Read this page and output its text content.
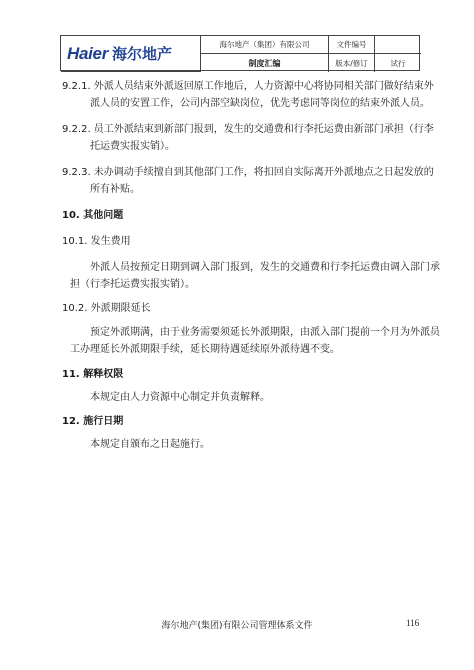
Haier 海尔地产
海尔地产（集团）有限公司
制度汇编
文件编号
版本/修订	试行
9.2.1. 外派人员结束外派返回原工作地后，人力资源中心将协同相关部门做好结束外
派人员的安置工作，公司内部空缺岗位，优先考虑同等岗位的结束外派人员。
9.2.2. 员工外派结束到新部门报到，发生的交通费和行李托运费由新部门承担（行李
托运费实报实销）。
9.2.3. 未办调动手续擅自到其他部门工作，将扣回自实际离开外派地点之日起发放的
所有补贴。
10. 其他问题
10.1. 发生费用
外派人员按预定日期到调入部门报到，发生的交通费和行李托运费由调入部门承
担（行李托运费实报实销）。
10.2. 外派期限延长
预定外派期满，由于业务需要须延长外派期限，由派入部门提前一个月为外派员
工办理延长外派期限手续，延长期待遇延续原外派待遇不变。
11. 解释权限
本规定由人力资源中心制定并负责解释。
12. 施行日期
本规定自颁布之日起施行。
海尔地产(集团)有限公司管理体系文件	116
